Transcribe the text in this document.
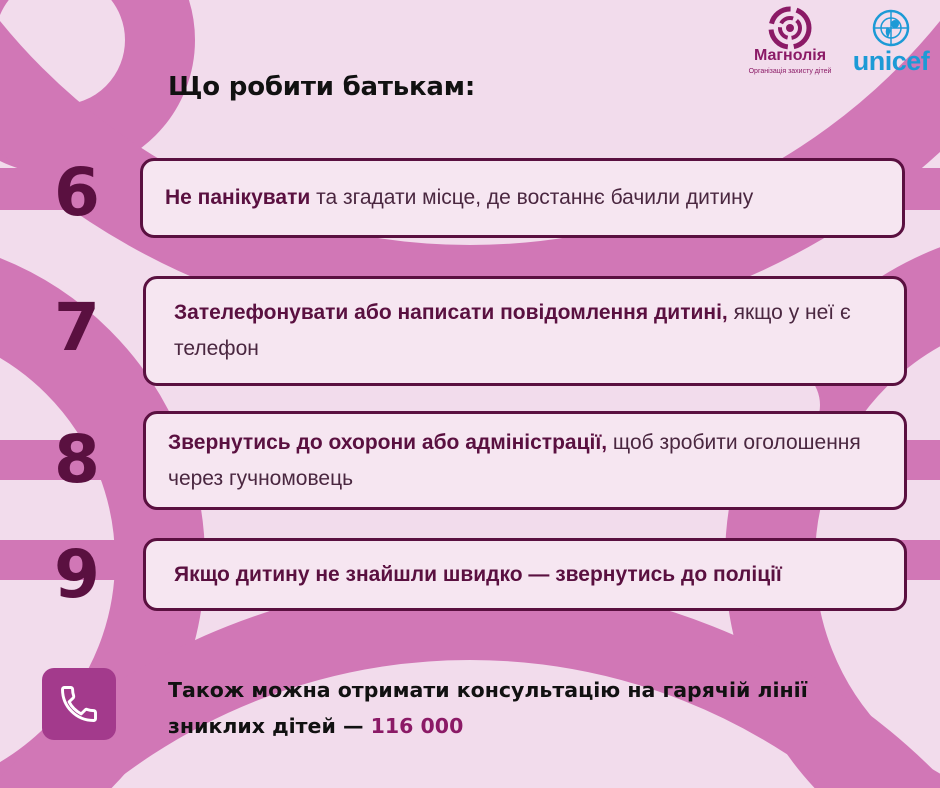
Що робити батькам:
Магнолія
Організація захисту дітей unicef
6	Не панікувати та згадати місце, де востаннє бачили дитину
7	Зателефонувати або написати повідомлення дитині, якщо у неї є телефон
8	Звернутись до охорони або адміністрації, щоб зробити оголошення через гучномовець
9	Якщо дитину не знайшли швидко — звернутись до поліції
Також можна отримати консультацію на гарячій лінії зниклих дітей — 116 000
